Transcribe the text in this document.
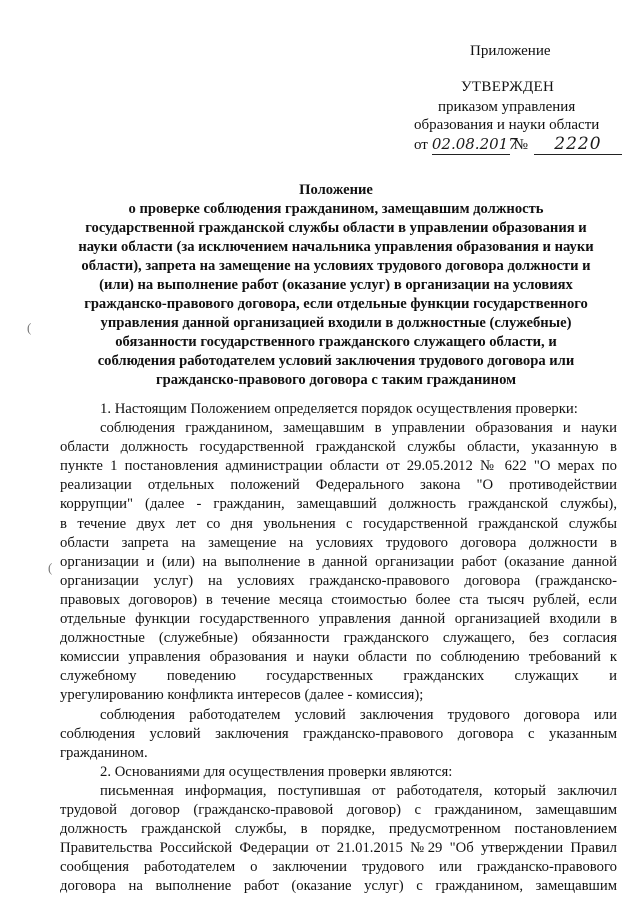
Приложение
УТВЕРЖДЕН
приказом управления
образования и науки области
от 02.08.2017 № 2220

Положение

о проверке соблюдения гражданином, замещавшим должность

государственной гражданской службы области в управлении образования и

науки области (за исключением начальника управления образования и науки

области), запрета на замещение на условиях трудового договора должности и

(или) на выполнение работ (оказание услуг) в организации на условиях

гражданско-правового договора, если отдельные функции государственного

управления данной организацией входили в должностные (служебные)

обязанности государственного гражданского служащего области, и

соблюдения работодателем условий заключения трудового договора или

гражданско-правового договора с таким гражданином

1. Настоящим Положением определяется порядок осуществления проверки:

соблюдения гражданином, замещавшим в управлении образования и науки

области должность государственной гражданской службы области, указанную в

пункте 1 постановления администрации области от 29.05.2012 № 622 "О мерах по

реализации отдельных положений Федерального закона "О противодействии

коррупции" (далее - гражданин, замещавший должность гражданской службы),

в течение двух лет со дня увольнения с государственной гражданской службы

области запрета на замещение на условиях трудового договора должности в

организации и (или) на выполнение в данной организации работ (оказание данной

организации услуг) на условиях гражданско-правового договора (гражданско-

правовых договоров) в течение месяца стоимостью более ста тысяч рублей, если

отдельные функции государственного управления данной организацией входили в

должностные (служебные) обязанности гражданского служащего, без согласия

комиссии управления образования и науки области по соблюдению требований к

служебному поведению государственных гражданских служащих и

урегулированию конфликта интересов (далее - комиссия);

соблюдения работодателем условий заключения трудового договора или

соблюдения условий заключения гражданско-правового договора с указанным

гражданином.

2. Основаниями для осуществления проверки являются:

письменная информация, поступившая от работодателя, который заключил

трудовой договор (гражданско-правовой договор) с гражданином, замещавшим

должность гражданской службы, в порядке, предусмотренном постановлением

Правительства Российской Федерации от 21.01.2015 №29 "Об утверждении Правил

сообщения работодателем о заключении трудового или гражданско-правового

договора на выполнение работ (оказание услуг) с гражданином, замещавшим

(
(
